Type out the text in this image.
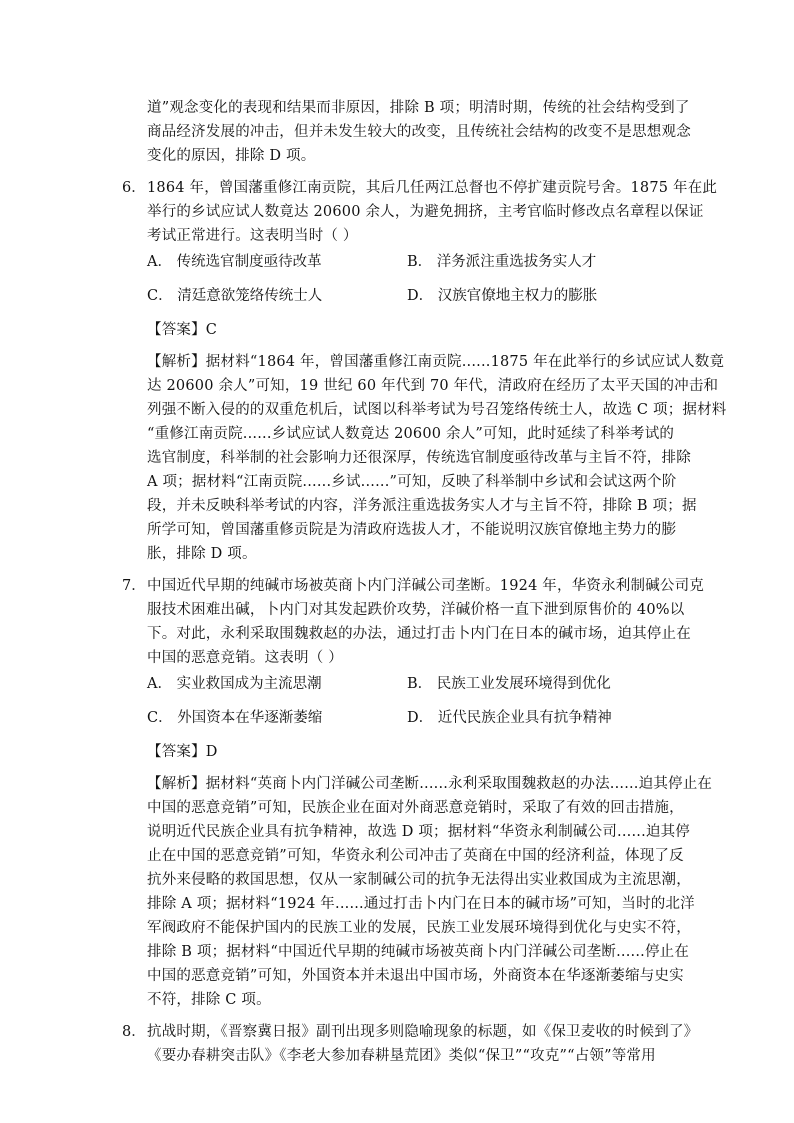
道”观念变化的表现和结果而非原因，排除 B 项；明清时期，传统的社会结构受到了
商品经济发展的冲击，但并未发生较大的改变，且传统社会结构的改变不是思想观念
变化的原因，排除 D 项。
6． 1864 年，曾国藩重修江南贡院，其后几任两江总督也不停扩建贡院号舍。1875 年在此
举行的乡试应试人数竟达 20600 余人，为避免拥挤，主考官临时修改点名章程以保证
考试正常进行。这表明当时（ ）
A． 传统选官制度亟待改革	B． 洋务派注重选拔务实人才
C． 清廷意欲笼络传统士人	D． 汉族官僚地主权力的膨胀
【答案】C
【解析】据材料“1864 年，曾国藩重修江南贡院......1875 年在此举行的乡试应试人数竟
达 20600 余人”可知，19 世纪 60 年代到 70 年代，清政府在经历了太平天国的冲击和
列强不断入侵的的双重危机后，试图以科举考试为号召笼络传统士人，故选 C 项；据材料
“重修江南贡院......乡试应试人数竟达 20600 余人”可知，此时延续了科举考试的
选官制度，科举制的社会影响力还很深厚，传统选官制度亟待改革与主旨不符，排除
A 项；据材料“江南贡院......乡试......”可知，反映了科举制中乡试和会试这两个阶
段，并未反映科举考试的内容，洋务派注重选拔务实人才与主旨不符，排除 B 项；据
所学可知，曾国藩重修贡院是为清政府选拔人才，不能说明汉族官僚地主势力的膨
胀，排除 D 项。
7． 中国近代早期的纯碱市场被英商卜内门洋碱公司垄断。1924 年，华资永利制碱公司克
服技术困难出碱，卜内门对其发起跌价攻势，洋碱价格一直下泄到原售价的 40%以
下。对此，永利采取围魏救赵的办法，通过打击卜内门在日本的碱市场，迫其停止在
中国的恶意竞销。这表明（ ）
A． 实业救国成为主流思潮	B． 民族工业发展环境得到优化
C． 外国资本在华逐渐萎缩	D． 近代民族企业具有抗争精神
【答案】D
【解析】据材料“英商卜内门洋碱公司垄断......永利采取围魏救赵的办法......迫其停止在
中国的恶意竞销”可知，民族企业在面对外商恶意竞销时，采取了有效的回击措施，
说明近代民族企业具有抗争精神，故选 D 项；据材料“华资永利制碱公司......迫其停
止在中国的恶意竞销”可知，华资永利公司冲击了英商在中国的经济利益，体现了反
抗外来侵略的救国思想，仅从一家制碱公司的抗争无法得出实业救国成为主流思潮，
排除 A 项；据材料“1924 年......通过打击卜内门在日本的碱市场”可知，当时的北洋
军阀政府不能保护国内的民族工业的发展，民族工业发展环境得到优化与史实不符，
排除 B 项；据材料“中国近代早期的纯碱市场被英商卜内门洋碱公司垄断......停止在
中国的恶意竞销”可知，外国资本并未退出中国市场，外商资本在华逐渐萎缩与史实
不符，排除 C 项。
8． 抗战时期，《晋察冀日报》副刊出现多则隐喻现象的标题，如《保卫麦收的时候到了》
《要办春耕突击队》《李老大参加春耕垦荒团》类似“保卫”“攻克”“占领”等常用
